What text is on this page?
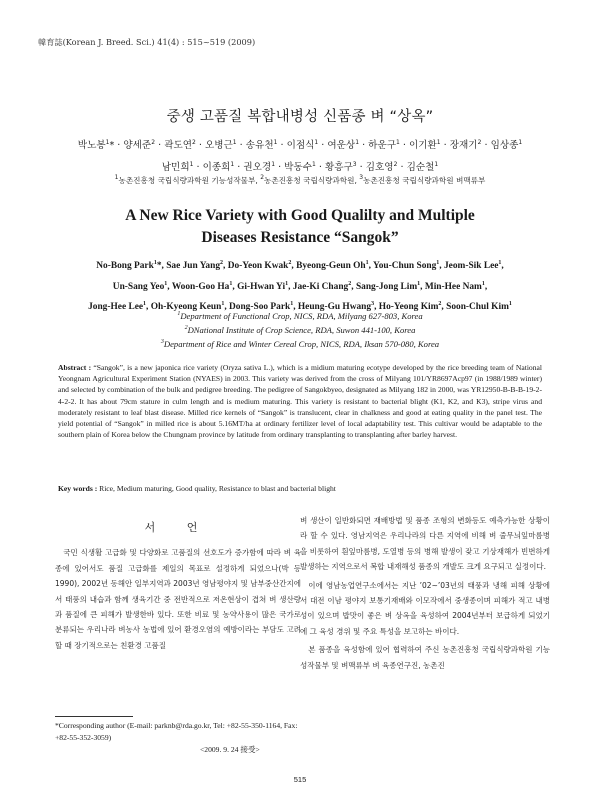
韓育誌(Korean J. Breed. Sci.) 41(4) : 515~519 (2009)
중생 고품질 복합내병성 신품종 벼 “상옥”
박노봉$^1$* · 양세준$^2$ · 곽도연$^2$ · 오병근$^1$ · 송유천$^1$ · 이점식$^1$ · 여운상$^1$ · 하운구$^1$ · 이기환$^1$ · 장재기$^2$ · 임상종$^1$
남민희$^1$ · 이종희$^1$ · 권오경$^1$ · 박동수$^1$ · 황흥구$^3$ · 김호영$^2$ · 김순철$^1$
$^1$농촌진흥청 국립식량과학원 기능성작물부, $^2$농촌진흥청 국립식량과학원, $^3$농촌진흥청 국립식량과학원 벼맥류부
A New Rice Variety with Good Qualilty and Multiple
Diseases Resistance “Sangok”
No-Bong Park$^1$*, Sae Jun Yang$^2$, Do-Yeon Kwak$^2$, Byeong-Geun Oh$^1$, You-Chun Song$^1$, Jeom-Sik Lee$^1$,
Un-Sang Yeo$^1$, Woon-Goo Ha$^1$, Gi-Hwan Yi$^1$, Jae-Ki Chang$^2$, Sang-Jong Lim$^1$, Min-Hee Nam$^1$,
Jong-Hee Lee$^1$, Oh-Kyeong Keun$^1$, Dong-Soo Park$^1$, Heung-Gu Hwang$^3$, Ho-Yeong Kim$^2$, Soon-Chul Kim$^1$
$^1$Department of Functional Crop, NICS, RDA, Milyang 627-803, Korea
$^2$DNational Institute of Crop Science, RDA, Suwon 441-100, Korea
$^3$Department of Rice and Winter Cereal Crop, NICS, RDA, Iksan 570-080, Korea
Abstract : “Sangok”, is a new japonica rice variety (Oryza sativa L.), which is a midium maturing ecotype developed by the rice breeding team of National Yeongnam Agricultural Experiment Station (NYAES) in 2003. This variety was derived from the cross of Milyang 101/YR8697Acp97 (in 1988/1989 winter) and selected by combination of the bulk and pedigree breeding. The pedigree of Sangokbyeo, designated as Milyang 182 in 2000, was YR12950-B-B-B-19-2-4-2-2. It has about 79cm stature in culm length and is medium maturing. This variety is resistant to bacterial blight (K1, K2, and K3), stripe virus and moderately resistant to leaf blast disease. Milled rice kernels of “Sangok” is translucent, clear in chalkness and good at eating quality in the panel test. The yield potential of “Sangok” in milled rice is about 5.16MT/ha at ordinary fertilizer level of local adaptability test. This cultivar would be adaptable to the southern plain of Korea below the Chungnam province by latitude from ordinary transplanting to transplanting after barley harvest.
Key words : Rice, Medium maturing, Good quality, Resistance to blast and bacterial blight
서 언

국민 식생활 고급화 및 다양화로 고품질의 선호도가 증가함에 따라 벼 육종에 있어서도 품질 고급화를 제일의 목표로 설정하게 되었으나(박 등 1990), 2002년 동해안 일부지역과 2003년 영남평야지 및 남부중산간지에서 태풍의 내습과 함께 생육기간 중 전반적으로 저온현상이 겹쳐 벼 생산량과 품질에 큰 피해가 발생한바 있다. 또한 비료 및 농약사용이 많은 국가로 분류되는 우리나라 벼농사 농법에 있어 환경오염의 예방이라는 부담도 고려할 때 장기적으로는 친환경 고품질

벼 생산이 일반화되면 재배방법 및 품종 조형의 변화등도 예측가능한 상황이라 할 수 있다. 영남지역은 우리나라의 다른 지역에 비해 벼 줄무늬잎마름병을 비롯하여 흰잎마름병, 도열병 등의 병해 발생이 잦고 기상재해가 빈번하게 발생하는 지역으로서 복합 내재해성 품종의 개발도 크게 요구되고 실정이다.

이에 영남농업연구소에서는 지난 ’02~’03년의 태풍과 냉해 피해 상황에서 대전 이남 평야지 보통기재배와 이모작에서 중생종이며 피해가 적고 내병성이 있으며 밥맛이 좋은 벼 상옥을 육성하여 2004년부터 보급하게 되었기에 그 육성 경위 및 주요 특성을 보고하는 바이다.

본 품종을 육성함에 있어 협력하여 주신 농촌진흥청 국립식량과학원 기능성작물부 및 벼맥류부 벼 육종연구진, 농촌진

*Corresponding author (E-mail: parknb@rda.go.kr, Tel: +82-55-350-1164, Fax: +82-55-352-3059)
<2009. 9. 24 接受>
515
